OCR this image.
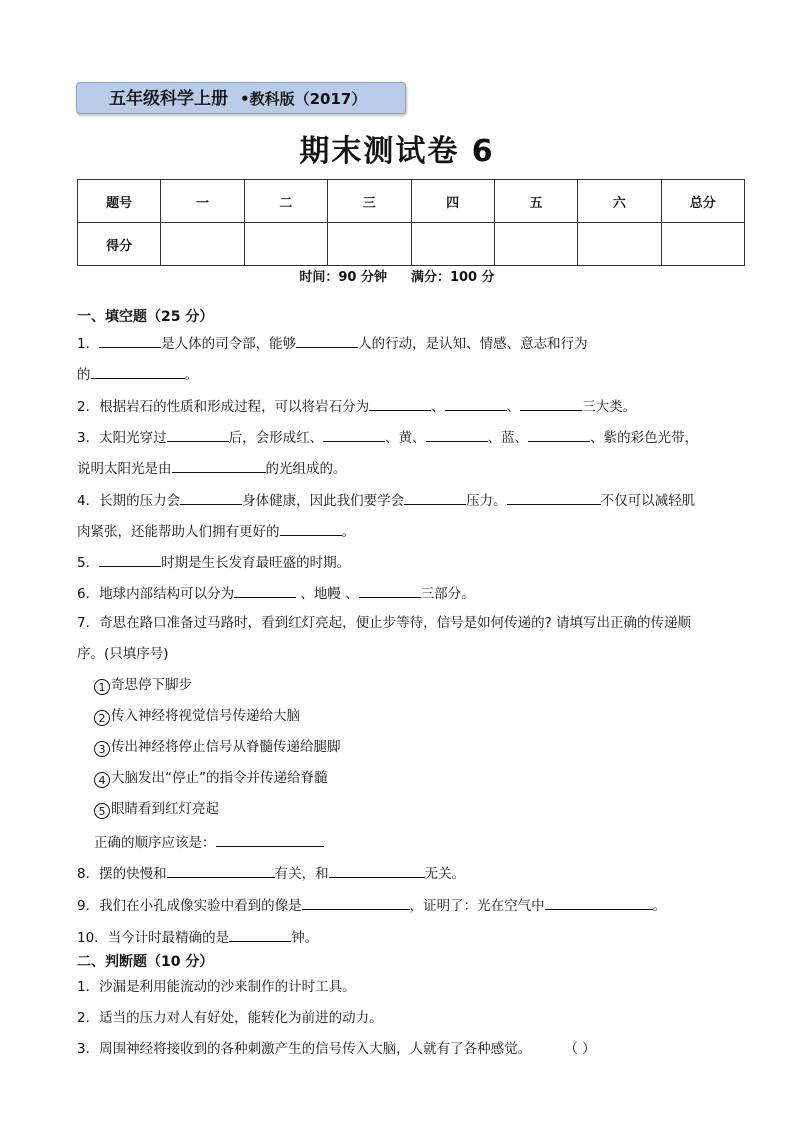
五年级科学上册 •教科版（2017）
期末测试卷 6
题号	一	二	三	四	五	六	总分
得分							
时间：90 分钟 满分：100 分
一、填空题（25 分）
1．	是人体的司令部，能够	人的行动，是认知、情感、意志和行为
的	。
2．根据岩石的性质和形成过程，可以将岩石分为	、	、	三大类。
3．太阳光穿过	后，会形成红、	、黄、	、蓝、	、紫的彩色光带，
说明太阳光是由	的光组成的。
4．长期的压力会	身体健康，因此我们要学会	压力。	不仅可以减轻肌
肉紧张，还能帮助人们拥有更好的	。
5．	时期是生长发育最旺盛的时期。
6．地球内部结构可以分为	、地幔 、	三部分。
7．奇思在路口准备过马路时，看到红灯亮起，便止步等待，信号是如何传递的? 请填写出正确的传递顺
序。(只填序号)
1 奇思停下脚步
2 传入神经将视觉信号传递给大脑
3 传出神经将停止信号从脊髓传递给腿脚
4 大脑发出“停止”的指令并传递给脊髓
5 眼睛看到红灯亮起
正确的顺序应该是：
8．摆的快慢和	有关，和	无关。
9．我们在小孔成像实验中看到的像是	，证明了：光在空气中	。
10．当今计时最精确的是	钟。
二、判断题（10 分）
1．沙漏是利用能流动的沙来制作的计时工具。
2．适当的压力对人有好处，能转化为前进的动力。
3．周围神经将接收到的各种刺激产生的信号传入大脑，人就有了各种感觉。	（ ）
